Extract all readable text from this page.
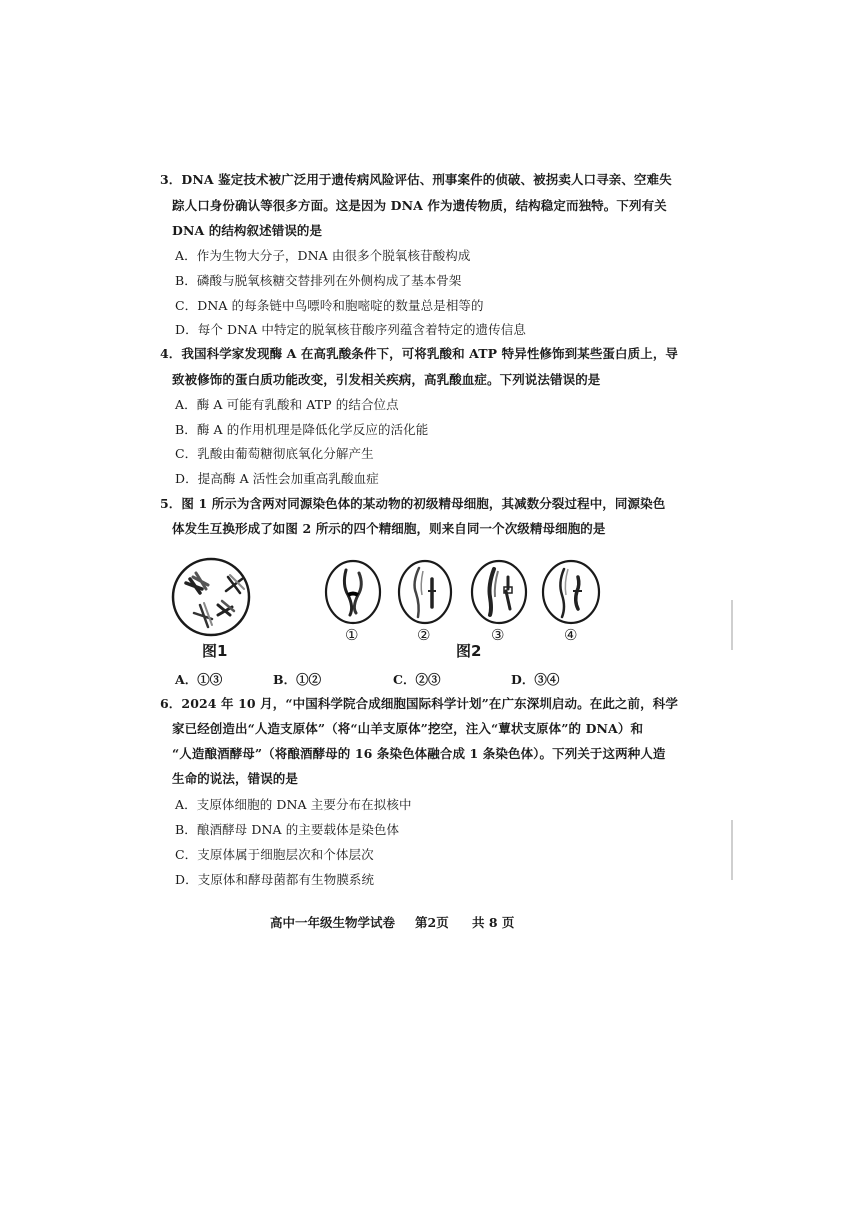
3．DNA 鉴定技术被广泛用于遗传病风险评估、刑事案件的侦破、被拐卖人口寻亲、空难失
踪人口身份确认等很多方面。这是因为 DNA 作为遗传物质，结构稳定而独特。下列有关
DNA 的结构叙述错误的是
A．作为生物大分子，DNA 由很多个脱氧核苷酸构成
B．磷酸与脱氧核糖交替排列在外侧构成了基本骨架
C．DNA 的每条链中鸟嘌呤和胞嘧啶的数量总是相等的
D．每个 DNA 中特定的脱氧核苷酸序列蕴含着特定的遗传信息
4．我国科学家发现酶 A 在高乳酸条件下，可将乳酸和 ATP 特异性修饰到某些蛋白质上，导
致被修饰的蛋白质功能改变，引发相关疾病，高乳酸血症。下列说法错误的是
A．酶 A 可能有乳酸和 ATP 的结合位点
B．酶 A 的作用机理是降低化学反应的活化能
C．乳酸由葡萄糖彻底氧化分解产生
D．提高酶 A 活性会加重高乳酸血症
5．图 1 所示为含两对同源染色体的某动物的初级精母细胞，其减数分裂过程中，同源染色
体发生互换形成了如图 2 所示的四个精细胞，则来自同一个次级精母细胞的是
图1
①	②	③	④
图2
A．①③	B．①②	C．②③	D．③④
6．2024 年 10 月，“中国科学院合成细胞国际科学计划”在广东深圳启动。在此之前，科学
家已经创造出“人造支原体”（将“山羊支原体”挖空，注入“蕈状支原体”的 DNA）和
“人造酿酒酵母”（将酿酒酵母的 16 条染色体融合成 1 条染色体）。下列关于这两种人造
生命的说法，错误的是
A．支原体细胞的 DNA 主要分布在拟核中
B．酿酒酵母 DNA 的主要载体是染色体
C．支原体属于细胞层次和个体层次
D．支原体和酵母菌都有生物膜系统
高中一年级生物学试卷 第2页 共 8 页
